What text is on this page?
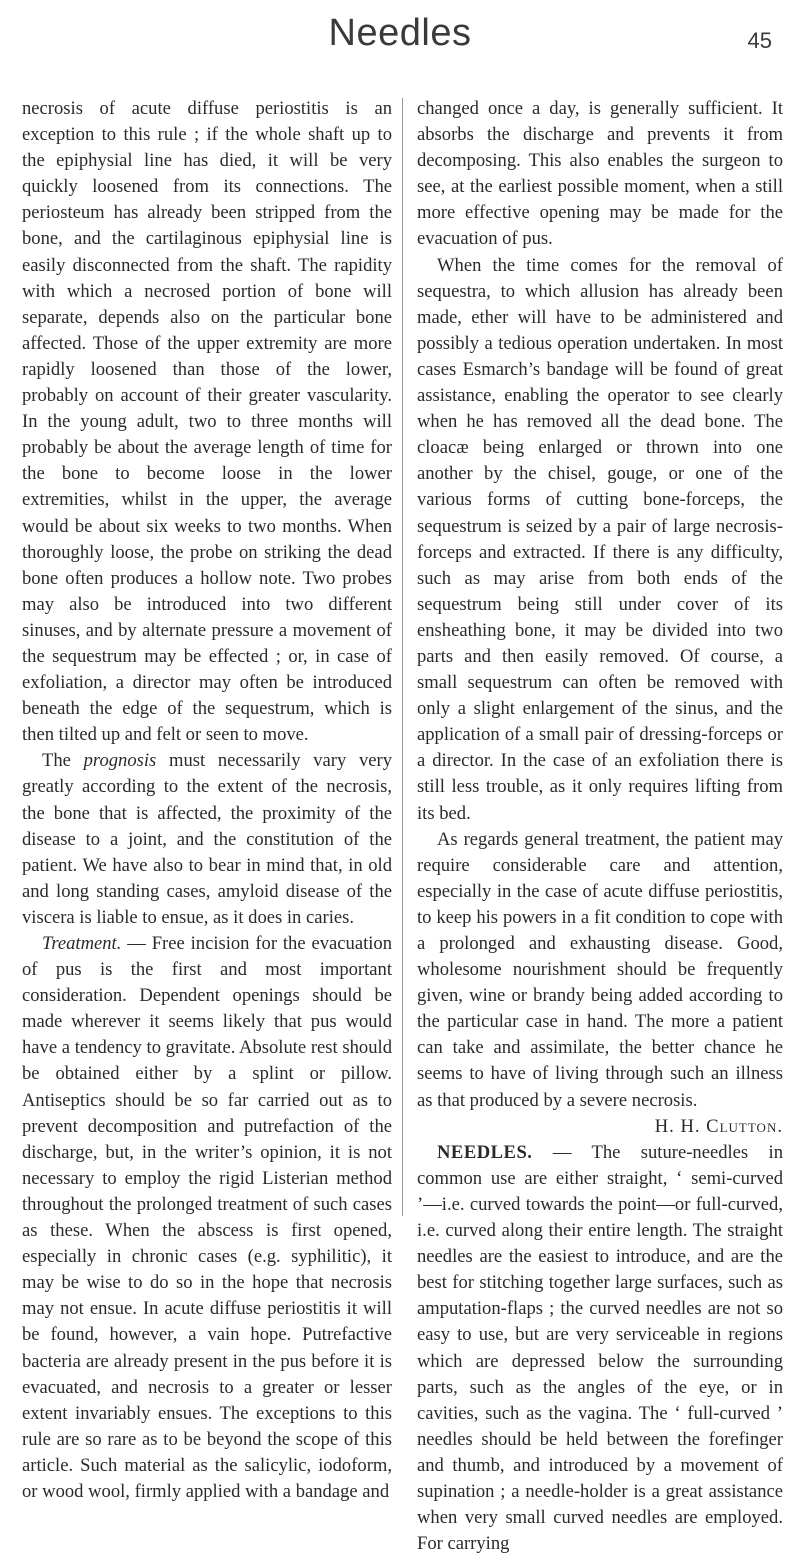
Needles	45

necrosis of acute diffuse periostitis is an exception to this rule ; if the whole shaft up to the epiphysial line has died, it will be very quickly loosened from its connections. The periosteum has already been stripped from the bone, and the cartilaginous epiphysial line is easily disconnected from the shaft. The rapidity with which a necrosed portion of bone will separate, depends also on the particular bone affected. Those of the upper extremity are more rapidly loosened than those of the lower, probably on account of their greater vascularity. In the young adult, two to three months will probably be about the average length of time for the bone to become loose in the lower extremities, whilst in the upper, the average would be about six weeks to two months. When thoroughly loose, the probe on striking the dead bone often produces a hollow note. Two probes may also be introduced into two different sinuses, and by alternate pressure a movement of the sequestrum may be effected ; or, in case of exfoliation, a director may often be introduced beneath the edge of the sequestrum, which is then tilted up and felt or seen to move.

The prognosis must necessarily vary very greatly according to the extent of the necrosis, the bone that is affected, the proximity of the disease to a joint, and the constitution of the patient. We have also to bear in mind that, in old and long standing cases, amyloid disease of the viscera is liable to ensue, as it does in caries.

Treatment. — Free incision for the evacuation of pus is the first and most important consideration. Dependent openings should be made wherever it seems likely that pus would have a tendency to gravitate. Absolute rest should be obtained either by a splint or pillow. Antiseptics should be so far carried out as to prevent decomposition and putrefaction of the discharge, but, in the writer’s opinion, it is not necessary to employ the rigid Listerian method throughout the prolonged treatment of such cases as these. When the abscess is first opened, especially in chronic cases (e.g. syphilitic), it may be wise to do so in the hope that necrosis may not ensue. In acute diffuse periostitis it will be found, however, a vain hope. Putrefactive bacteria are already present in the pus before it is evacuated, and necrosis to a greater or lesser extent invariably ensues. The exceptions to this rule are so rare as to be beyond the scope of this article. Such material as the salicylic, iodoform, or wood wool, firmly applied with a bandage and

changed once a day, is generally sufficient. It absorbs the discharge and prevents it from decomposing. This also enables the surgeon to see, at the earliest possible moment, when a still more effective opening may be made for the evacuation of pus.

When the time comes for the removal of sequestra, to which allusion has already been made, ether will have to be administered and possibly a tedious operation undertaken. In most cases Esmarch’s bandage will be found of great assistance, enabling the operator to see clearly when he has removed all the dead bone. The cloacæ being enlarged or thrown into one another by the chisel, gouge, or one of the various forms of cutting bone-forceps, the sequestrum is seized by a pair of large necrosis-forceps and extracted. If there is any difficulty, such as may arise from both ends of the sequestrum being still under cover of its ensheathing bone, it may be divided into two parts and then easily removed. Of course, a small sequestrum can often be removed with only a slight enlargement of the sinus, and the application of a small pair of dressing-forceps or a director. In the case of an exfoliation there is still less trouble, as it only requires lifting from its bed.

As regards general treatment, the patient may require considerable care and attention, especially in the case of acute diffuse periostitis, to keep his powers in a fit condition to cope with a prolonged and exhausting disease. Good, wholesome nourishment should be frequently given, wine or brandy being added according to the particular case in hand. The more a patient can take and assimilate, the better chance he seems to have of living through such an illness as that produced by a severe necrosis.

H. H. Clutton.

NEEDLES. — The suture-needles in common use are either straight, ‘ semi-curved ’—i.e. curved towards the point—or full-curved, i.e. curved along their entire length. The straight needles are the easiest to introduce, and are the best for stitching together large surfaces, such as amputation-flaps ; the curved needles are not so easy to use, but are very serviceable in regions which are depressed below the surrounding parts, such as the angles of the eye, or in cavities, such as the vagina. The ‘ full-curved ’ needles should be held between the forefinger and thumb, and introduced by a movement of supination ; a needle-holder is a great assistance when very small curved needles are employed. For carrying
